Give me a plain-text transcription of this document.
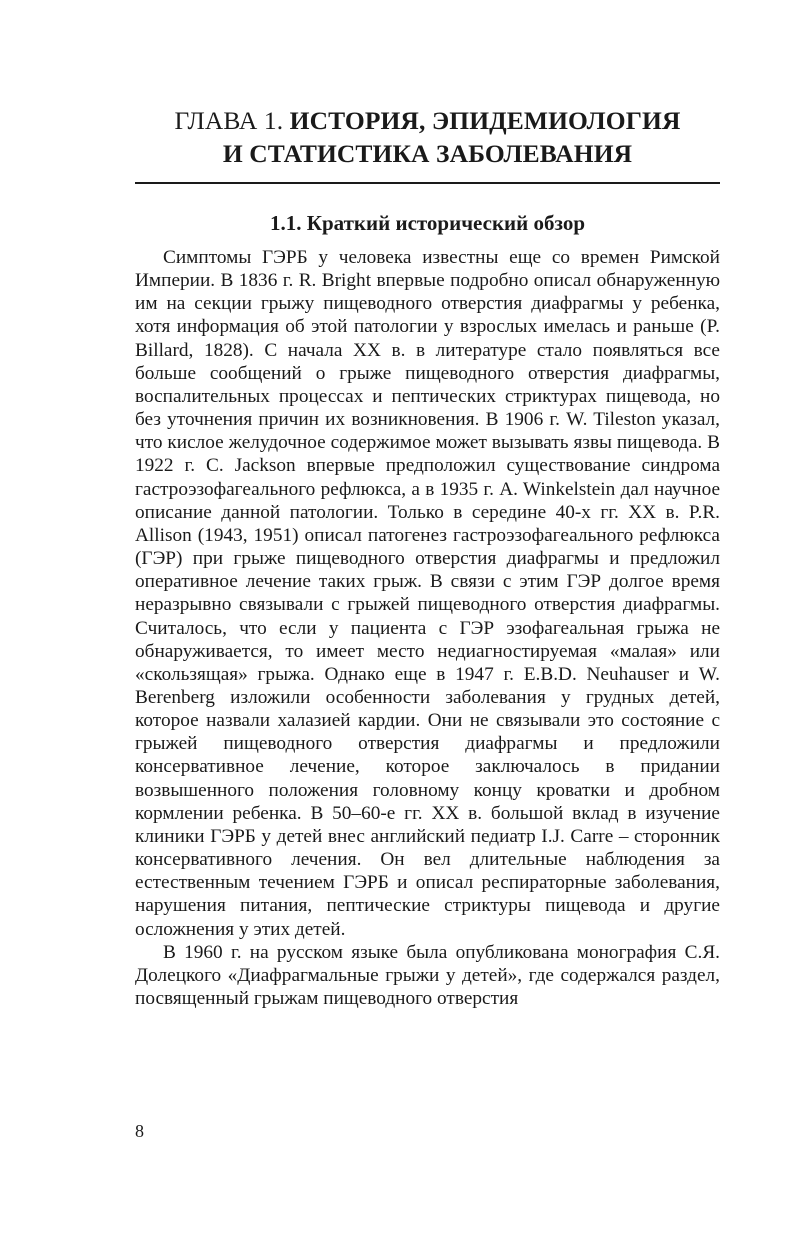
ГЛАВА 1. ИСТОРИЯ, ЭПИДЕМИОЛОГИЯ
И СТАТИСТИКА ЗАБОЛЕВАНИЯ
1.1. Краткий исторический обзор

Симптомы ГЭРБ у человека известны еще со времен Римской Империи. В 1836 г. R. Bright впервые подробно описал обнаруженную им на секции грыжу пищеводного отверстия диафрагмы у ребенка, хотя информация об этой патологии у взрослых имелась и раньше (P. Billard, 1828). С начала XX в. в литературе стало появляться все больше сообщений о грыже пищеводного отверстия диафрагмы, воспалительных процессах и пептических стриктурах пищевода, но без уточнения причин их возникновения. В 1906 г. W. Tileston указал, что кислое желудочное содержимое может вызывать язвы пищевода. В 1922 г. C. Jackson впервые предположил существование синдрома гастроэзофагеального рефлюкса, а в 1935 г. A. Winkelstein дал научное описание данной патологии. Только в середине 40-х гг. XX в. P.R. Allison (1943, 1951) описал патогенез гастроэзофагеального рефлюкса (ГЭР) при грыже пищеводного отверстия диафрагмы и предложил оперативное лечение таких грыж. В связи с этим ГЭР долгое время неразрывно связывали с грыжей пищеводного отверстия диафрагмы. Считалось, что если у пациента с ГЭР эзофагеальная грыжа не обнаруживается, то имеет место недиагностируемая «малая» или «скользящая» грыжа. Однако еще в 1947 г. E.B.D. Neuhauser и W. Berenberg изложили особенности заболевания у грудных детей, которое назвали халазией кардии. Они не связывали это состояние с грыжей пищеводного отверстия диафрагмы и предложили консервативное лечение, которое заключалось в придании возвышенного положения головному концу кроватки и дробном кормлении ребенка. В 50–60-е гг. XX в. большой вклад в изучение клиники ГЭРБ у детей внес английский педиатр I.J. Carre – сторонник консервативного лечения. Он вел длительные наблюдения за естественным течением ГЭРБ и описал респираторные заболевания, нарушения питания, пептические стриктуры пищевода и другие осложнения у этих детей.

В 1960 г. на русском языке была опубликована монография С.Я. Долецкого «Диафрагмальные грыжи у детей», где содержался раздел, посвященный грыжам пищеводного отверстия

8
